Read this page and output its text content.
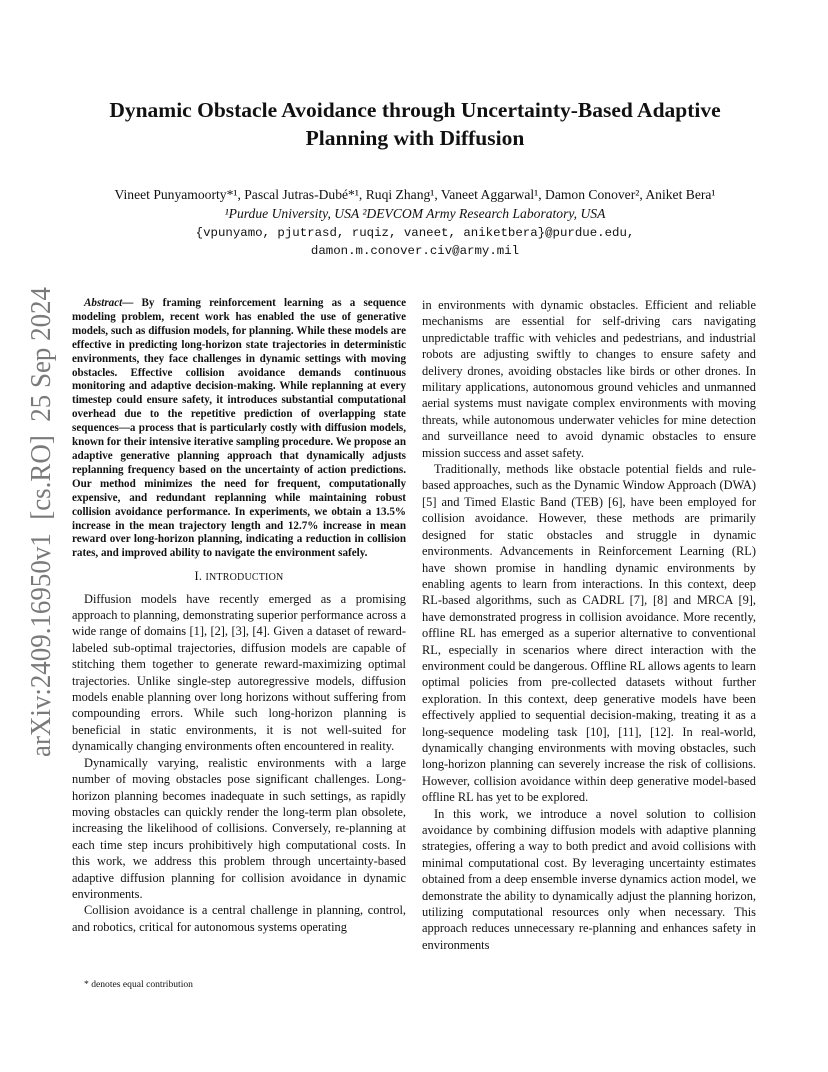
arXiv:2409.16950v1  [cs.RO]  25 Sep 2024
Dynamic Obstacle Avoidance through Uncertainty-Based Adaptive
Planning with Diffusion
Vineet Punyamoorty*¹, Pascal Jutras-Dubé*¹, Ruqi Zhang¹, Vaneet Aggarwal¹, Damon Conover², Aniket Bera¹
¹Purdue University, USA ²DEVCOM Army Research Laboratory, USA
{vpunyamo, pjutrasd, ruqiz, vaneet, aniketbera}@purdue.edu,
damon.m.conover.civ@army.mil

Abstract— By framing reinforcement learning as a sequence modeling problem, recent work has enabled the use of generative models, such as diffusion models, for planning. While these models are effective in predicting long-horizon state trajectories in deterministic environments, they face challenges in dynamic settings with moving obstacles. Effective collision avoidance demands continuous monitoring and adaptive decision-making. While replanning at every timestep could ensure safety, it introduces substantial computational overhead due to the repetitive prediction of overlapping state sequences—a process that is particularly costly with diffusion models, known for their intensive iterative sampling procedure. We propose an adaptive generative planning approach that dynamically adjusts replanning frequency based on the uncertainty of action predictions. Our method minimizes the need for frequent, computationally expensive, and redundant replanning while maintaining robust collision avoidance performance. In experiments, we obtain a 13.5% increase in the mean trajectory length and 12.7% increase in mean reward over long-horizon planning, indicating a reduction in collision rates, and improved ability to navigate the environment safely.

I. INTRODUCTION

Diffusion models have recently emerged as a promising approach to planning, demonstrating superior performance across a wide range of domains [1], [2], [3], [4]. Given a dataset of reward-labeled sub-optimal trajectories, diffusion models are capable of stitching them together to generate reward-maximizing optimal trajectories. Unlike single-step autoregressive models, diffusion models enable planning over long horizons without suffering from compounding errors. While such long-horizon planning is beneficial in static environments, it is not well-suited for dynamically changing environments often encountered in reality.

Dynamically varying, realistic environments with a large number of moving obstacles pose significant challenges. Long-horizon planning becomes inadequate in such settings, as rapidly moving obstacles can quickly render the long-term plan obsolete, increasing the likelihood of collisions. Conversely, re-planning at each time step incurs prohibitively high computational costs. In this work, we address this problem through uncertainty-based adaptive diffusion planning for collision avoidance in dynamic environments.

Collision avoidance is a central challenge in planning, control, and robotics, critical for autonomous systems operating

in environments with dynamic obstacles. Efficient and reliable mechanisms are essential for self-driving cars navigating unpredictable traffic with vehicles and pedestrians, and industrial robots are adjusting swiftly to changes to ensure safety and delivery drones, avoiding obstacles like birds or other drones. In military applications, autonomous ground vehicles and unmanned aerial systems must navigate complex environments with moving threats, while autonomous underwater vehicles for mine detection and surveillance need to avoid dynamic obstacles to ensure mission success and asset safety.

Traditionally, methods like obstacle potential fields and rule-based approaches, such as the Dynamic Window Approach (DWA) [5] and Timed Elastic Band (TEB) [6], have been employed for collision avoidance. However, these methods are primarily designed for static obstacles and struggle in dynamic environments. Advancements in Reinforcement Learning (RL) have shown promise in handling dynamic environments by enabling agents to learn from interactions. In this context, deep RL-based algorithms, such as CADRL [7], [8] and MRCA [9], have demonstrated progress in collision avoidance. More recently, offline RL has emerged as a superior alternative to conventional RL, especially in scenarios where direct interaction with the environment could be dangerous. Offline RL allows agents to learn optimal policies from pre-collected datasets without further exploration. In this context, deep generative models have been effectively applied to sequential decision-making, treating it as a long-sequence modeling task [10], [11], [12]. In real-world, dynamically changing environments with moving obstacles, such long-horizon planning can severely increase the risk of collisions. However, collision avoidance within deep generative model-based offline RL has yet to be explored.

In this work, we introduce a novel solution to collision avoidance by combining diffusion models with adaptive planning strategies, offering a way to both predict and avoid collisions with minimal computational cost. By leveraging uncertainty estimates obtained from a deep ensemble inverse dynamics action model, we demonstrate the ability to dynamically adjust the planning horizon, utilizing computational resources only when necessary. This approach reduces unnecessary re-planning and enhances safety in environments

* denotes equal contribution
